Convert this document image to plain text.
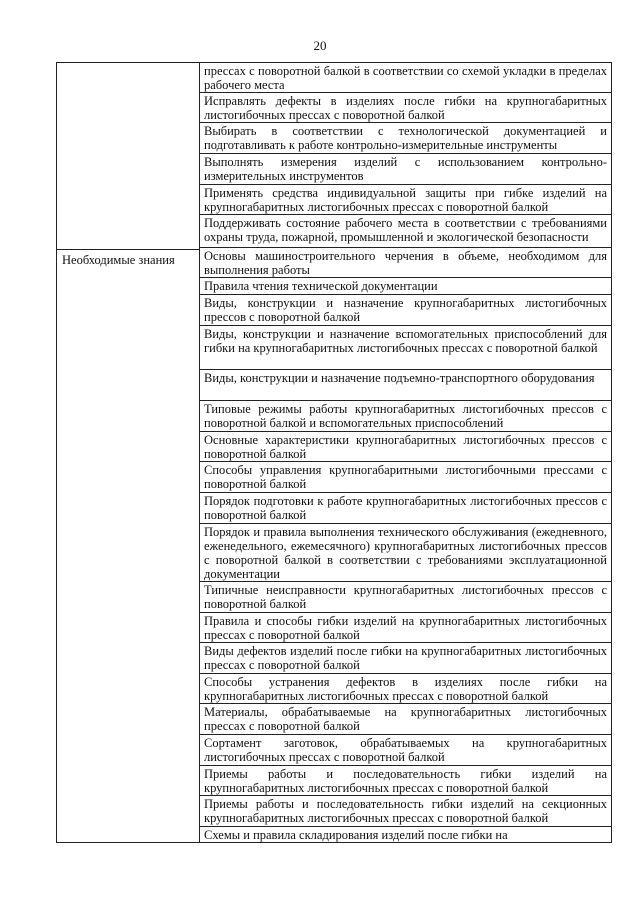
20
Необходимые знания
прессах с поворотной балкой в соответствии со схемой укладки в пределах рабочего места
Исправлять дефекты в изделиях после гибки на крупногабаритных листогибочных прессах с поворотной балкой
Выбирать в соответствии с технологической документацией и подготавливать к работе контрольно-измерительные инструменты
Выполнять измерения изделий с использованием контрольно-измерительных инструментов
Применять средства индивидуальной защиты при гибке изделий на крупногабаритных листогибочных прессах с поворотной балкой
Поддерживать состояние рабочего места в соответствии с требованиями охраны труда, пожарной, промышленной и экологической безопасности
Основы машиностроительного черчения в объеме, необходимом для выполнения работы
Правила чтения технической документации
Виды, конструкции и назначение крупногабаритных листогибочных прессов с поворотной балкой
Виды, конструкции и назначение вспомогательных приспособлений для гибки на крупногабаритных листогибочных прессах с поворотной балкой
Виды, конструкции и назначение подъемно-транспортного оборудования
Типовые режимы работы крупногабаритных листогибочных прессов с поворотной балкой и вспомогательных приспособлений
Основные характеристики крупногабаритных листогибочных прессов с поворотной балкой
Способы управления крупногабаритными листогибочными прессами с поворотной балкой
Порядок подготовки к работе крупногабаритных листогибочных прессов с поворотной балкой
Порядок и правила выполнения технического обслуживания (ежедневного, еженедельного, ежемесячного) крупногабаритных листогибочных прессов с поворотной балкой в соответствии с требованиями эксплуатационной документации
Типичные неисправности крупногабаритных листогибочных прессов с поворотной балкой
Правила и способы гибки изделий на крупногабаритных листогибочных прессах с поворотной балкой
Виды дефектов изделий после гибки на крупногабаритных листогибочных прессах с поворотной балкой
Способы устранения дефектов в изделиях после гибки на крупногабаритных листогибочных прессах с поворотной балкой
Материалы, обрабатываемые на крупногабаритных листогибочных прессах с поворотной балкой
Сортамент заготовок, обрабатываемых на крупногабаритных листогибочных прессах с поворотной балкой
Приемы работы и последовательность гибки изделий на крупногабаритных листогибочных прессах с поворотной балкой
Приемы работы и последовательность гибки изделий на секционных крупногабаритных листогибочных прессах с поворотной балкой
Схемы и правила складирования изделий после гибки на
